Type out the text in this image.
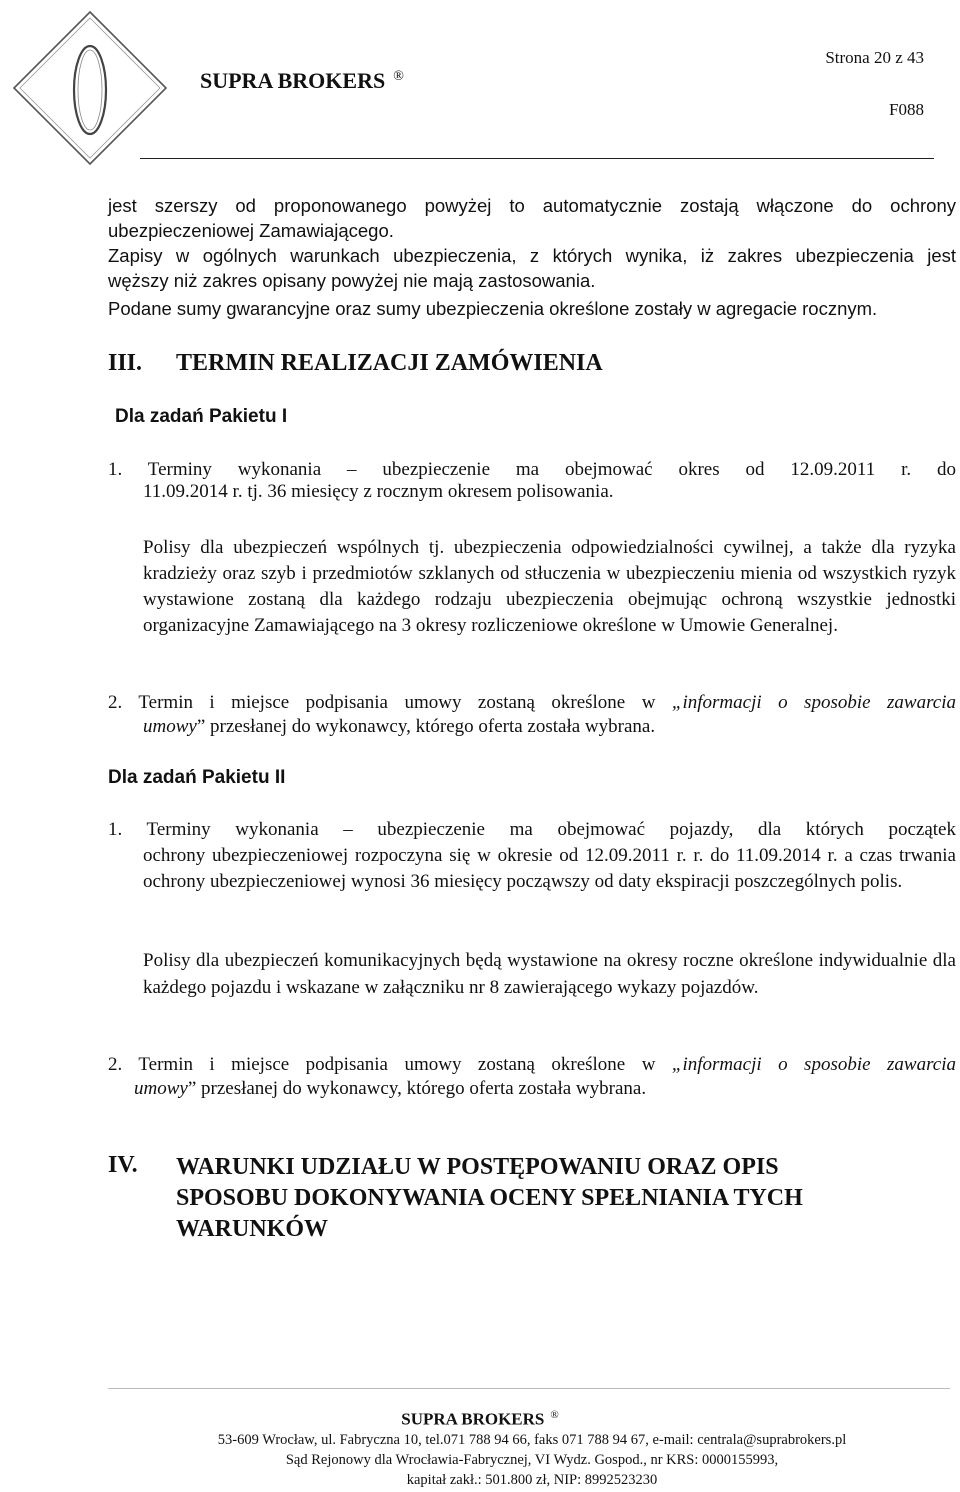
Strona 20 z 43
SUPRA BROKERS ®
F088
jest szerszy od proponowanego powyżej to automatycznie zostają włączone do ochrony
ubezpieczeniowej Zamawiającego.
Zapisy w ogólnych warunkach ubezpieczenia, z których wynika, iż zakres ubezpieczenia jest
węższy niż zakres opisany powyżej nie mają zastosowania.
Podane sumy gwarancyjne oraz sumy ubezpieczenia określone zostały w agregacie rocznym.
III. TERMIN REALIZACJI ZAMÓWIENIA
Dla zadań Pakietu I
1. Terminy wykonania – ubezpieczenie ma obejmować okres od 12.09.2011 r. do
11.09.2014 r. tj. 36 miesięcy z rocznym okresem polisowania.
Polisy dla ubezpieczeń wspólnych tj. ubezpieczenia odpowiedzialności cywilnej, a także dla ryzyka kradzieży oraz szyb i przedmiotów szklanych od stłuczenia w ubezpieczeniu mienia od wszystkich ryzyk wystawione zostaną dla każdego rodzaju ubezpieczenia obejmując ochroną wszystkie jednostki organizacyjne Zamawiającego na 3 okresy rozliczeniowe określone w Umowie Generalnej.
2. Termin i miejsce podpisania umowy zostaną określone w „informacji o sposobie zawarcia
umowy” przesłanej do wykonawcy, którego oferta została wybrana.
Dla zadań Pakietu II
1. Terminy wykonania – ubezpieczenie ma obejmować pojazdy, dla których początek
ochrony ubezpieczeniowej rozpoczyna się w okresie od 12.09.2011 r. r. do 11.09.2014 r. a czas trwania ochrony ubezpieczeniowej wynosi 36 miesięcy począwszy od daty ekspiracji poszczególnych polis.
Polisy dla ubezpieczeń komunikacyjnych będą wystawione na okresy roczne określone indywidualnie dla każdego pojazdu i wskazane w załączniku nr 8 zawierającego wykazy pojazdów.
2. Termin i miejsce podpisania umowy zostaną określone w „informacji o sposobie zawarcia
umowy” przesłanej do wykonawcy, którego oferta została wybrana.
IV. WARUNKI UDZIAŁU W POSTĘPOWANIU ORAZ OPIS SPOSOBU DOKONYWANIA OCENY SPEŁNIANIA TYCH WARUNKÓW
SUPRA BROKERS ®
53-609 Wrocław, ul. Fabryczna 10, tel.071 788 94 66, faks 071 788 94 67, e-mail: centrala@suprabrokers.pl
Sąd Rejonowy dla Wrocławia-Fabrycznej, VI Wydz. Gospod., nr KRS: 0000155993,
kapitał zakł.: 501.800 zł, NIP: 8992523230
